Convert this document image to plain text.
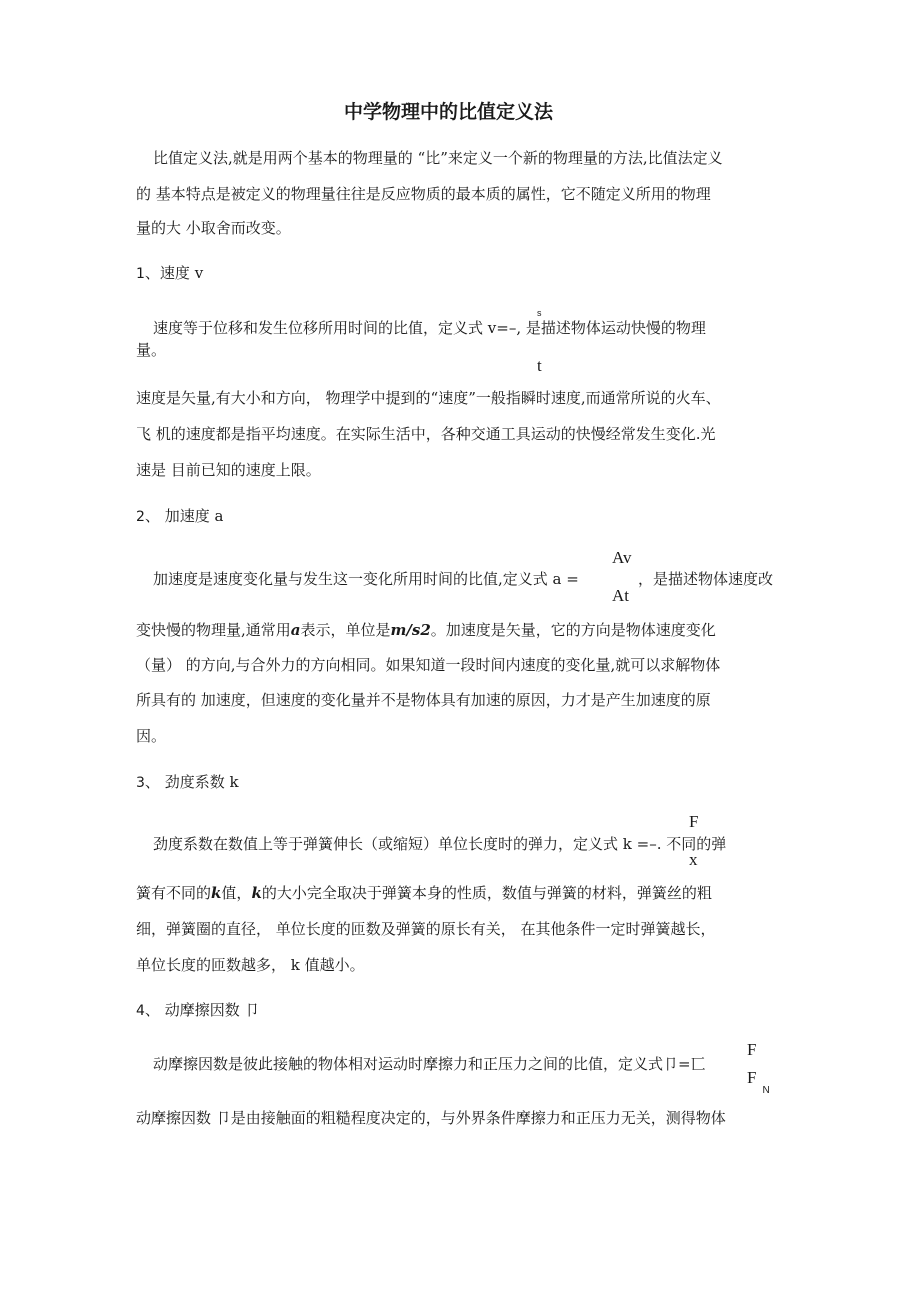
中学物理中的比值定义法
比值定义法,就是用两个基本的物理量的 “比”来定义一个新的物理量的方法,比值法定义
的 基本特点是被定义的物理量往往是反应物质的最本质的属性，它不随定义所用的物理
量的大 小取舍而改变。
1、速度 v
s
速度等于位移和发生位移所用时间的比值，定义式 v=–, 是描述物体运动快慢的物理
量。
t
速度是矢量,有大小和方向， 物理学中提到的“速度”一般指瞬时速度,而通常所说的火车、
飞 机的速度都是指平均速度。在实际生活中，各种交通工具运动的快慢经常发生变化.光
速是 目前已知的速度上限。
2、 加速度 a
Av
加速度是速度变化量与发生这一变化所用时间的比值,定义式 a =	，是描述物体速度改
At
变快慢的物理量,通常用a表示，单位是m/s2。加速度是矢量，它的方向是物体速度变化
（量） 的方向,与合外力的方向相同。如果知道一段时间内速度的变化量,就可以求解物体
所具有的 加速度，但速度的变化量并不是物体具有加速的原因，力才是产生加速度的原
因。
3、 劲度系数 k
F
劲度系数在数值上等于弹簧伸长（或缩短）单位长度时的弹力，定义式 k =–. 不同的弹
x
簧有不同的k值，k的大小完全取决于弹簧本身的性质，数值与弹簧的材料，弹簧丝的粗
细，弹簧圈的直径， 单位长度的匝数及弹簧的原长有关， 在其他条件一定时弹簧越长，
单位长度的匝数越多， k 值越小。
4、 动摩擦因数 卩
F
动摩擦因数是彼此接触的物体相对运动时摩擦力和正压力之间的比值，定义式卩=匸
$F_N$
动摩擦因数 卩是由接触面的粗糙程度决定的，与外界条件摩擦力和正压力无关，测得物体
